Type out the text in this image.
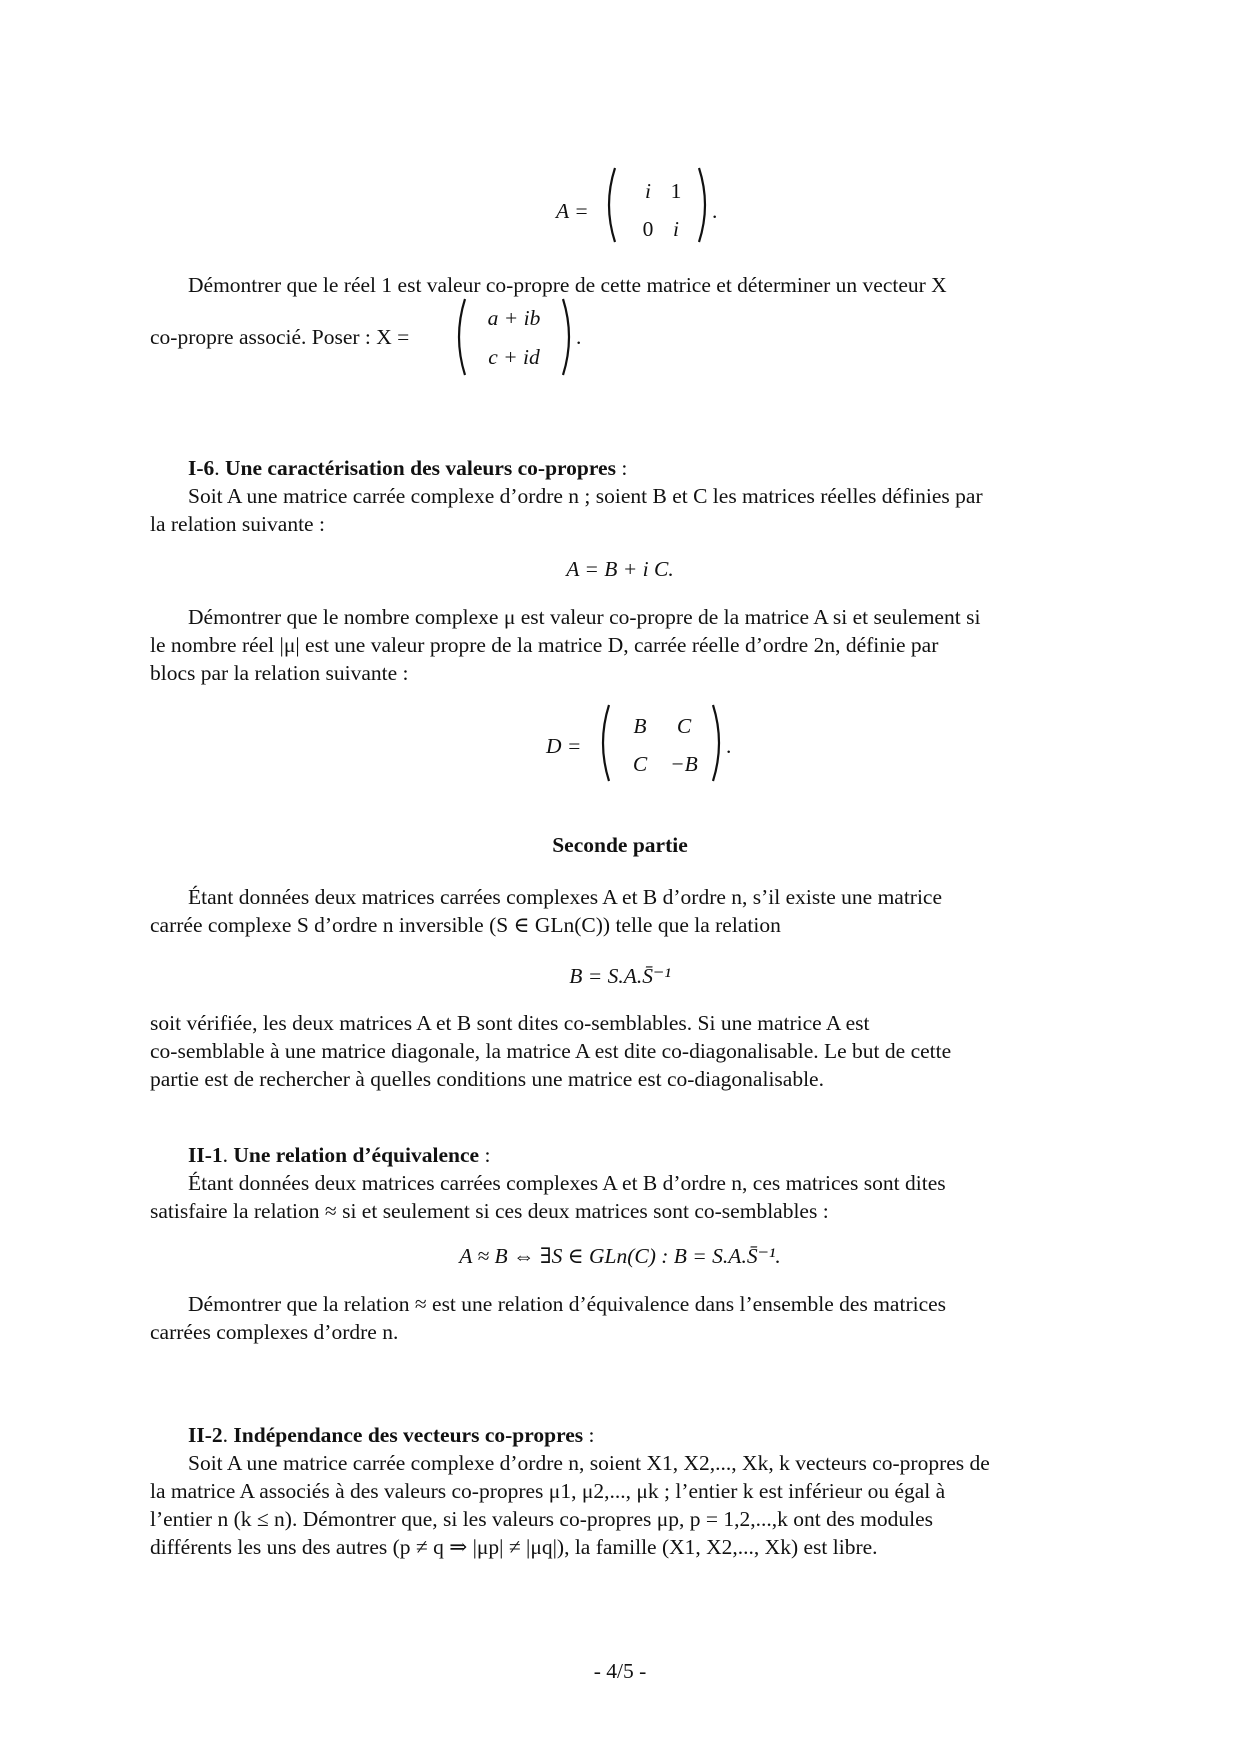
A =
i 1
0 i
.
Démontrer que le réel 1 est valeur co-propre de cette matrice et déterminer un vecteur X
co-propre associé. Poser : X =
a + ib
c + id
.
I-6. Une caractérisation des valeurs co-propres :
Soit A une matrice carrée complexe d’ordre n ; soient B et C les matrices réelles définies par
la relation suivante :
A = B + i C.
Démontrer que le nombre complexe μ est valeur co-propre de la matrice A si et seulement si
le nombre réel |μ| est une valeur propre de la matrice D, carrée réelle d’ordre 2n, définie par
blocs par la relation suivante :
D =
B	C
C	−B
.
Seconde partie
Étant données deux matrices carrées complexes A et B d’ordre n, s’il existe une matrice
carrée complexe S d’ordre n inversible (S ∈ GLn(C)) telle que la relation
B = S.A.S̄⁻¹
soit vérifiée, les deux matrices A et B sont dites co-semblables. Si une matrice A est
co-semblable à une matrice diagonale, la matrice A est dite co-diagonalisable. Le but de cette
partie est de rechercher à quelles conditions une matrice est co-diagonalisable.
II-1. Une relation d’équivalence :
Étant données deux matrices carrées complexes A et B d’ordre n, ces matrices sont dites
satisfaire la relation ≈ si et seulement si ces deux matrices sont co-semblables :
A ≈ B ⇔ ∃S ∈ GLn(C) : B = S.A.S̄⁻¹.
Démontrer que la relation ≈ est une relation d’équivalence dans l’ensemble des matrices
carrées complexes d’ordre n.
II-2. Indépendance des vecteurs co-propres :
Soit A une matrice carrée complexe d’ordre n, soient X1, X2,..., Xk, k vecteurs co-propres de
la matrice A associés à des valeurs co-propres μ1, μ2,..., μk ; l’entier k est inférieur ou égal à
l’entier n (k ≤ n). Démontrer que, si les valeurs co-propres μp, p = 1,2,...,k ont des modules
différents les uns des autres (p ≠ q ⇒ |μp| ≠ |μq|), la famille (X1, X2,..., Xk) est libre.
- 4/5 -
